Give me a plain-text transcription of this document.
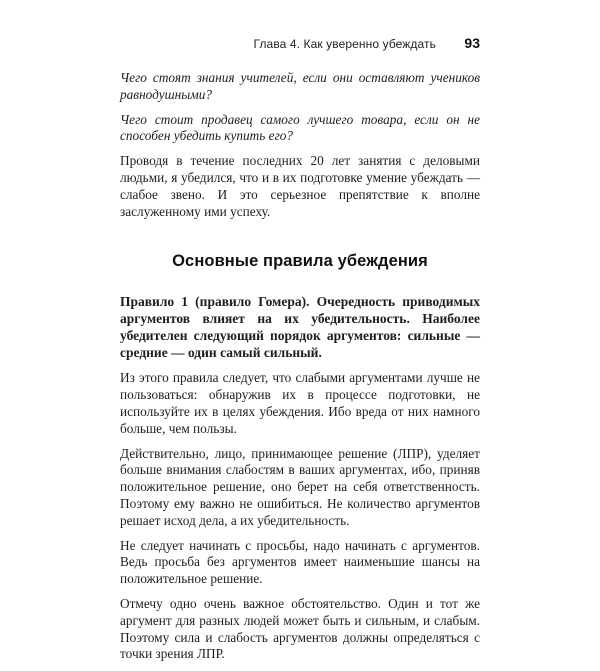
Глава 4. Как уверенно убеждать 93

Чего стоят знания учителей, если они оставляют учеников равнодушными?

Чего стоит продавец самого лучшего товара, если он не способен убедить купить его?

Проводя в течение последних 20 лет занятия с деловыми людьми, я убедился, что и в их подготовке умение убеждать — слабое звено. И это серьезное препятствие к вполне заслуженному ими успеху.

Основные правила убеждения

Правило 1 (правило Гомера). Очередность приводимых аргументов влияет на их убедительность. Наиболее убедителен следующий порядок аргументов: сильные — средние — один самый сильный.

Из этого правила следует, что слабыми аргументами лучше не пользоваться: обнаружив их в процессе подготовки, не используйте их в целях убеждения. Ибо вреда от них намного больше, чем пользы.

Действительно, лицо, принимающее решение (ЛПР), уделяет больше внимания слабостям в ваших аргументах, ибо, приняв положительное решение, оно берет на себя ответственность. Поэтому ему важно не ошибиться. Не количество аргументов решает исход дела, а их убедительность.

Не следует начинать с просьбы, надо начинать с аргументов. Ведь просьба без аргументов имеет наименьшие шансы на положительное решение.

Отмечу одно очень важное обстоятельство. Один и тот же аргумент для разных людей может быть и сильным, и слабым. Поэтому сила и слабость аргументов должны определяться с точки зрения ЛПР.
